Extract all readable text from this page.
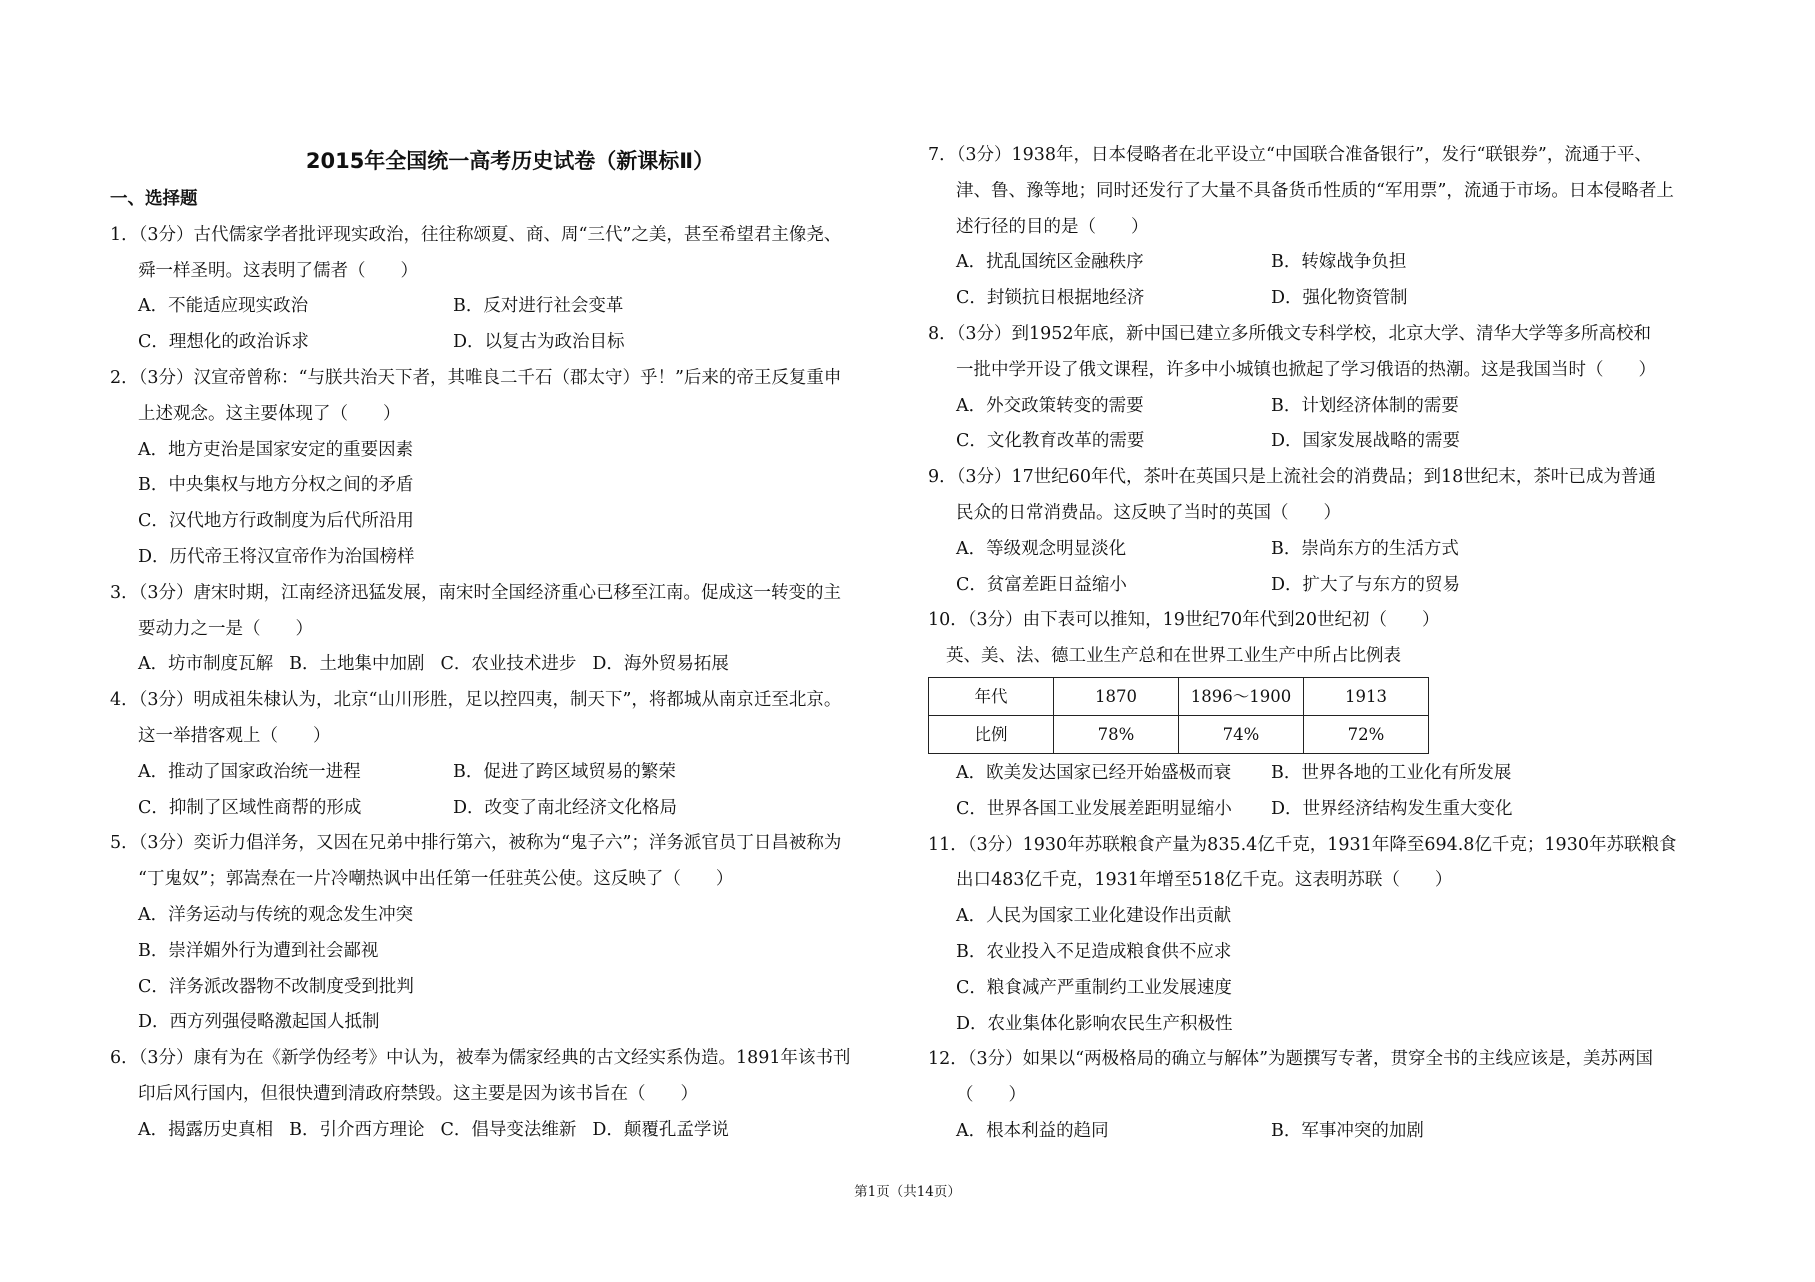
2015年全国统一高考历史试卷（新课标Ⅱ）
一、选择题
1．（3分）古代儒家学者批评现实政治，往往称颂夏、商、周“三代”之美，甚至希望君主像尧、
舜一样圣明。这表明了儒者（　　）
A．不能适应现实政治	B．反对进行社会变革
C．理想化的政治诉求	D．以复古为政治目标
2．（3分）汉宣帝曾称：“与朕共治天下者，其唯良二千石（郡太守）乎！”后来的帝王反复重申
上述观念。这主要体现了（　　）
A．地方吏治是国家安定的重要因素
B．中央集权与地方分权之间的矛盾
C．汉代地方行政制度为后代所沿用
D．历代帝王将汉宣帝作为治国榜样
3．（3分）唐宋时期，江南经济迅猛发展，南宋时全国经济重心已移至江南。促成这一转变的主
要动力之一是（　　）
A．坊市制度瓦解 B．土地集中加剧 C．农业技术进步 D．海外贸易拓展
4．（3分）明成祖朱棣认为，北京“山川形胜，足以控四夷，制天下”，将都城从南京迁至北京。
这一举措客观上（　　）
A．推动了国家政治统一进程	B．促进了跨区域贸易的繁荣
C．抑制了区域性商帮的形成	D．改变了南北经济文化格局
5．（3分）奕䜣力倡洋务，又因在兄弟中排行第六，被称为“鬼子六”；洋务派官员丁日昌被称为
“丁鬼奴”；郭嵩焘在一片冷嘲热讽中出任第一任驻英公使。这反映了（　　）
A．洋务运动与传统的观念发生冲突
B．崇洋媚外行为遭到社会鄙视
C．洋务派改器物不改制度受到批判
D．西方列强侵略激起国人抵制
6．（3分）康有为在《新学伪经考》中认为，被奉为儒家经典的古文经实系伪造。1891年该书刊
印后风行国内，但很快遭到清政府禁毁。这主要是因为该书旨在（　　）
A．揭露历史真相 B．引介西方理论 C．倡导变法维新 D．颠覆孔孟学说
7．（3分）1938年，日本侵略者在北平设立“中国联合准备银行”，发行“联银券”，流通于平、
津、鲁、豫等地；同时还发行了大量不具备货币性质的“军用票”，流通于市场。日本侵略者上
述行径的目的是（　　）
A．扰乱国统区金融秩序	B．转嫁战争负担
C．封锁抗日根据地经济	D．强化物资管制
8．（3分）到1952年底，新中国已建立多所俄文专科学校，北京大学、清华大学等多所高校和
一批中学开设了俄文课程，许多中小城镇也掀起了学习俄语的热潮。这是我国当时（　　）
A．外交政策转变的需要	B．计划经济体制的需要
C．文化教育改革的需要	D．国家发展战略的需要
9．（3分）17世纪60年代，茶叶在英国只是上流社会的消费品；到18世纪末，茶叶已成为普通
民众的日常消费品。这反映了当时的英国（　　）
A．等级观念明显淡化	B．崇尚东方的生活方式
C．贫富差距日益缩小	D．扩大了与东方的贸易
10．（3分）由下表可以推知，19世纪70年代到20世纪初（　　）
英、美、法、德工业生产总和在世界工业生产中所占比例表
年代	1870	1896～1900	1913
比例	78%	74%	72%
A．欧美发达国家已经开始盛极而衰	B．世界各地的工业化有所发展
C．世界各国工业发展差距明显缩小	D．世界经济结构发生重大变化
11．（3分）1930年苏联粮食产量为835.4亿千克，1931年降至694.8亿千克；1930年苏联粮食
出口483亿千克，1931年增至518亿千克。这表明苏联（　　）
A．人民为国家工业化建设作出贡献
B．农业投入不足造成粮食供不应求
C．粮食减产严重制约工业发展速度
D．农业集体化影响农民生产积极性
12．（3分）如果以“两极格局的确立与解体”为题撰写专著，贯穿全书的主线应该是，美苏两国
（　　）
A．根本利益的趋同	B．军事冲突的加剧
第1页（共14页）
